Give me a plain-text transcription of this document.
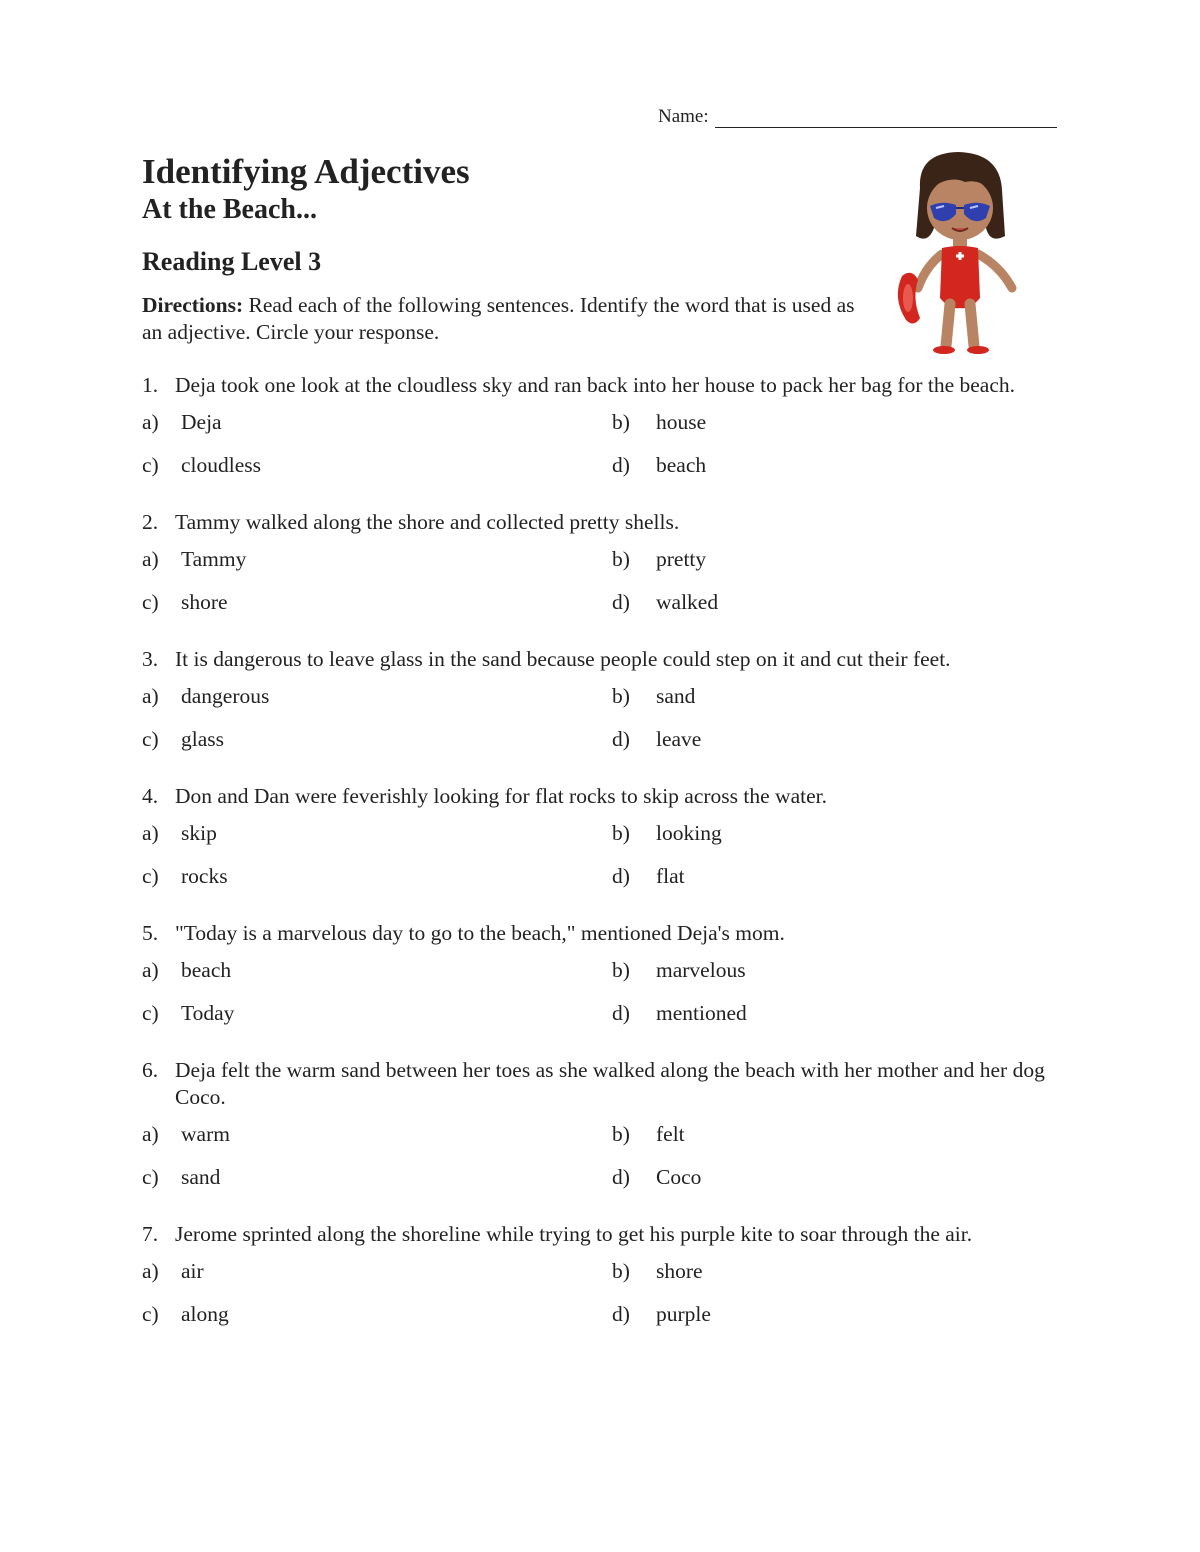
Name:
Identifying Adjectives
At the Beach...
Reading Level 3

Directions: Read each of the following sentences. Identify the word that is used as an adjective. Circle your response.

1. Deja took one look at the cloudless sky and ran back into her house to pack her bag for the beach.
a)	Deja	b)	house
c)	cloudless	d)	beach
2. Tammy walked along the shore and collected pretty shells.
a)	Tammy	b)	pretty
c)	shore	d)	walked
3. It is dangerous to leave glass in the sand because people could step on it and cut their feet.
a)	dangerous	b)	sand
c)	glass	d)	leave
4. Don and Dan were feverishly looking for flat rocks to skip across the water.
a)	skip	b)	looking
c)	rocks	d)	flat
5. "Today is a marvelous day to go to the beach," mentioned Deja's mom.
a)	beach	b)	marvelous
c)	Today	d)	mentioned
6. Deja felt the warm sand between her toes as she walked along the beach with her mother and her dog Coco.
a)	warm	b)	felt
c)	sand	d)	Coco
7. Jerome sprinted along the shoreline while trying to get his purple kite to soar through the air.
a)	air	b)	shore
c)	along	d)	purple
